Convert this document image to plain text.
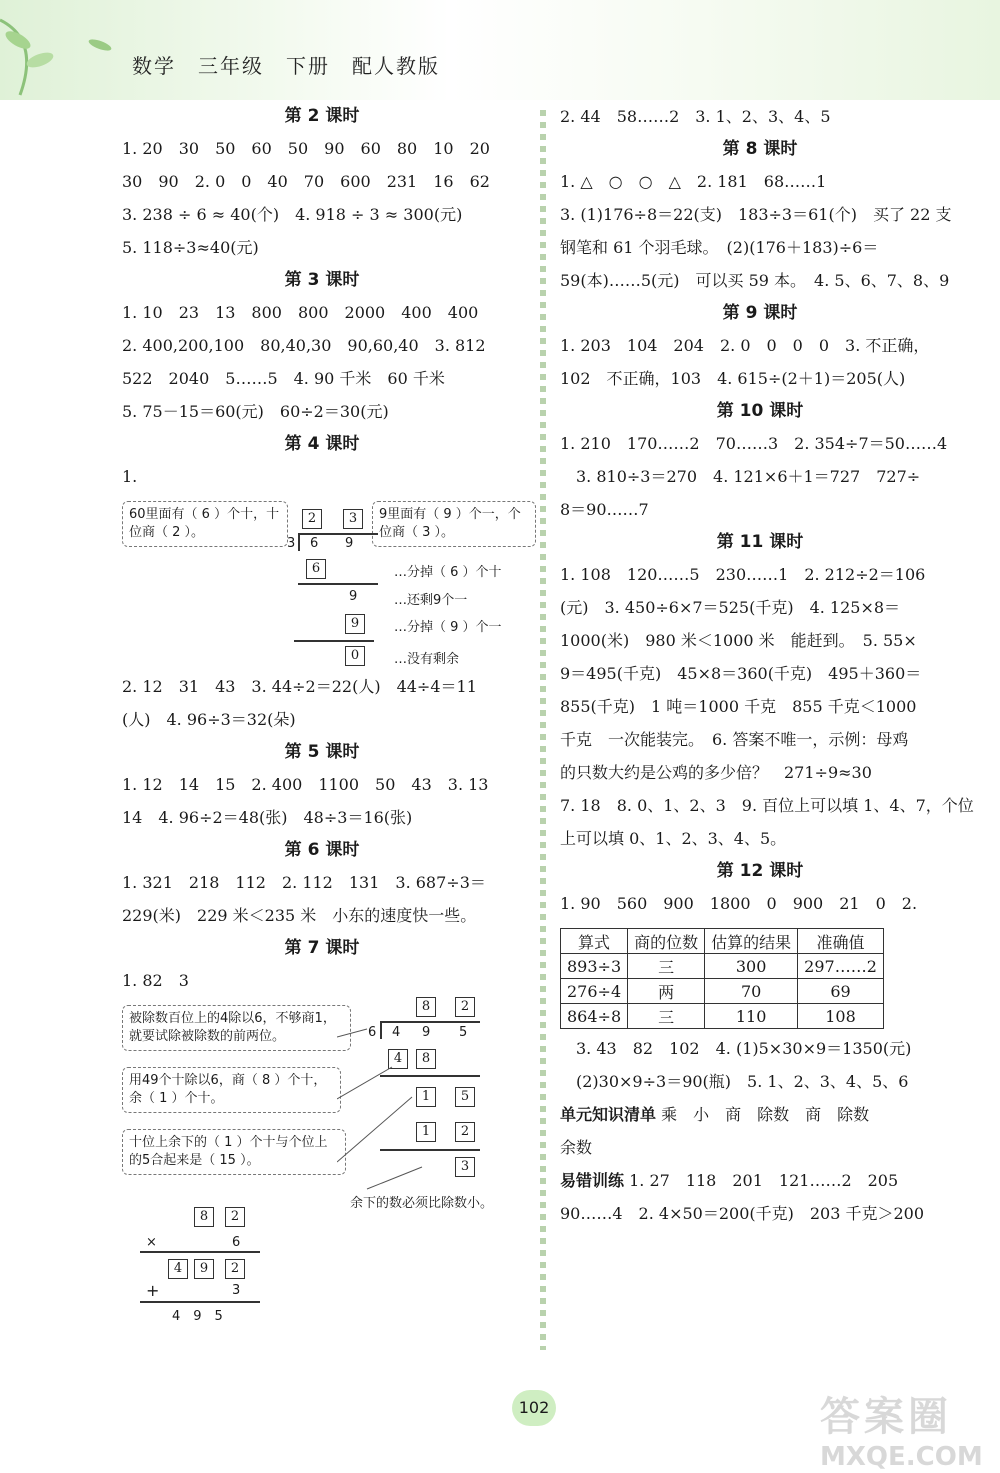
数学　三年级　下册　配人教版
第 2 课时
1. 20　30　50　60　50　90　60　80　10　20
30　90　2. 0　0　40　70　600　231　16　62
3. 238 ÷ 6 ≈ 40(个)　4. 918 ÷ 3 ≈ 300(元)
5. 118÷3≈40(元)
第 3 课时
1. 10　23　13　800　800　2000　400　400
2. 400,200,100　80,40,30　90,60,40　3. 812
522　2040　5……5　4. 90 千米　60 千米
5. 75－15＝60(元)　60÷2＝30(元)
第 4 课时
1.
60里面有（ 6 ）个十，十位商（ 2 ）。
9里面有（ 9 ）个一，个位商（ 3 ）。
2	3
3 6 9
6	…分掉（ 6 ）个十
9	…还剩9个一
9	…分掉（ 9 ）个一
0	…没有剩余
2. 12　31　43　3. 44÷2＝22(人)　44÷4＝11
(人)　4. 96÷3＝32(朵)
第 5 课时
1. 12　14　15　2. 400　1100　50　43　3. 13
14　4. 96÷2＝48(张)　48÷3＝16(张)
第 6 课时
1. 321　218　112　2. 112　131　3. 687÷3＝
229(米)　229 米＜235 米　小东的速度快一些。
第 7 课时
1. 82　3
被除数百位上的4除以6，不够商1，就要试除被除数的前两位。
用49个十除以6，商（ 8 ）个十，余（ 1 ）个十。
十位上余下的（ 1 ）个十与个位上的5合起来是（ 15 ）。
余下的数必须比除数小。
8	2
6 4 9 5
4	8
1	5
1	2
3
8	2
×	6
4	9	2
+	3
4　9　5
2. 44　58……2　3. 1、2、3、4、5
第 8 课时
1. △　○　○　△　2. 181　68……1
3. (1)176÷8＝22(支)　183÷3＝61(个)　买了 22 支
钢笔和 61 个羽毛球。　(2)(176＋183)÷6＝
59(本)……5(元)　可以买 59 本。　4. 5、6、7、8、9
第 9 课时
1. 203　104　204　2. 0　0　0　0　3. 不正确，
102　不正确，103　4. 615÷(2＋1)＝205(人)
第 10 课时
1. 210　170……2　70……3　2. 354÷7＝50……4
　3. 810÷3＝270　4. 121×6＋1＝727　727÷
8＝90……7
第 11 课时
1. 108　120……5　230……1　2. 212÷2＝106
(元)　3. 450÷6×7＝525(千克)　4. 125×8＝
1000(米)　980 米＜1000 米　能赶到。　5. 55×
9＝495(千克)　45×8＝360(千克)　495＋360＝
855(千克)　1 吨＝1000 千克　855 千克＜1000
千克　一次能装完。　6. 答案不唯一，示例：母鸡
的只数大约是公鸡的多少倍？　271÷9≈30
7. 18　8. 0、1、2、3　9. 百位上可以填 1、4、7，个位
上可以填 0、1、2、3、4、5。
第 12 课时
1. 90　560　900　1800　0　900　21　0　2.
算式	商的位数	估算的结果	准确值
893÷3	三	300	297……2
276÷4	两	70	69
864÷8	三	110	108
　3. 43　82　102　4. (1)5×30×9＝1350(元)
　(2)30×9÷3＝90(瓶)　5. 1、2、3、4、5、6
单元知识清单 乘　小　商　除数　商　除数
余数
易错训练 1. 27　118　201　121……2　205
90……4　2. 4×50＝200(千克)　203 千克＞200
102	答案圈
MXQE.COM
